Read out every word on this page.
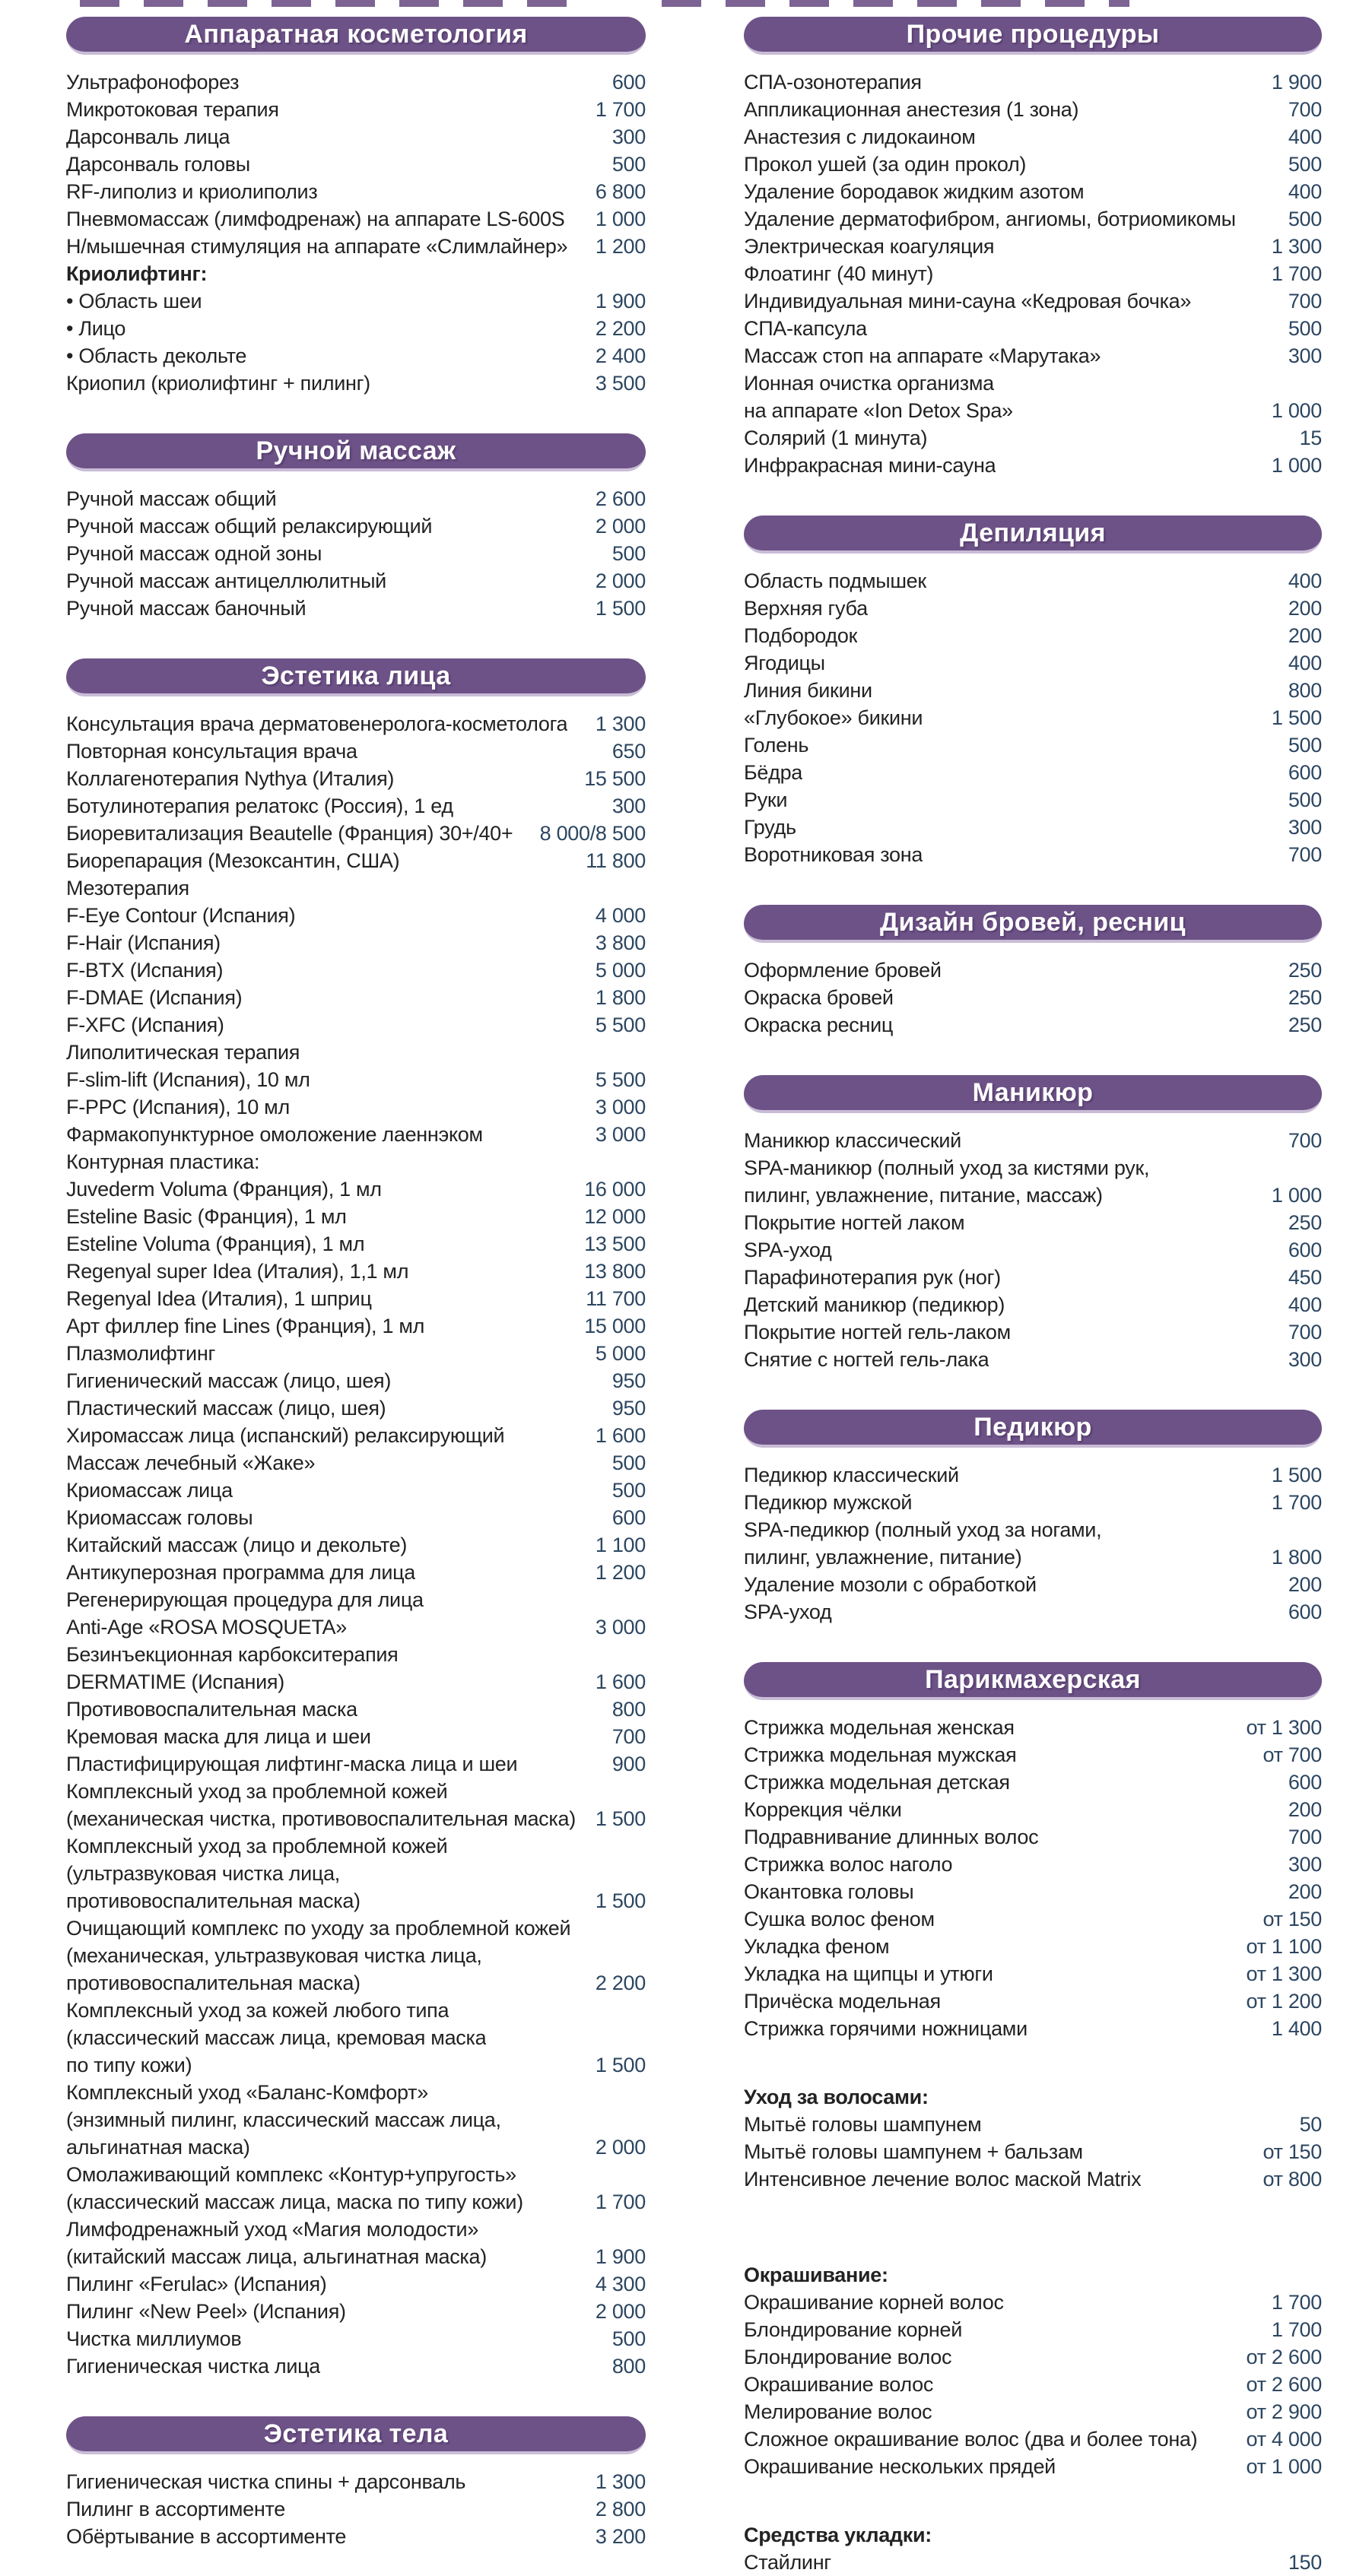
Аппаратная косметология
Ультрафонофорез	600
Микротоковая терапия	1 700
Дарсонваль лица	300
Дарсонваль головы	500
RF-липолиз и криолиполиз	6 800
Пневмомассаж (лимфодренаж) на аппарате LS-600S 1 000
Н/мышечная стимуляция на аппарате «Слимлайнер» 1 200
Криолифтинг:
• Область шеи	1 900
• Лицо	2 200
• Область декольте	2 400
Криопил (криолифтинг + пилинг)	3 500
Ручной массаж
Ручной массаж общий	2 600
Ручной массаж общий релаксирующий	2 000
Ручной массаж одной зоны	500
Ручной массаж антицеллюлитный	2 000
Ручной массаж баночный	1 500
Эстетика лица
Консультация врача дерматовенеролога-косметолога 1 300
Повторная консультация врача	650
Коллагенотерапия Nythya (Италия)	15 500
Ботулинотерапия релатокс (Россия), 1 ед	300
Биоревитализация Beautelle (Франция) 30+/40+ 8 000/8 500
Биорепарация (Мезоксантин, США)	11 800
Мезотерапия
F-Eye Contour (Испания)	4 000
F-Hair (Испания)	3 800
F-BTX (Испания)	5 000
F-DMAE (Испания)	1 800
F-XFC (Испания)	5 500
Липолитическая терапия
F-slim-lift (Испания), 10 мл	5 500
F-PPC (Испания), 10 мл	3 000
Фармакопунктурное омоложение лаеннэком	3 000
Контурная пластика:
Juvederm Voluma (Франция), 1 мл	16 000
Esteline Basic (Франция), 1 мл	12 000
Esteline Voluma (Франция), 1 мл	13 500
Regenyal super Idea (Италия), 1,1 мл	13 800
Regenyal Idea (Италия), 1 шприц	11 700
Арт филлер fine Lines (Франция), 1 мл	15 000
Плазмолифтинг	5 000
Гигиенический массаж (лицо, шея)	950
Пластический массаж (лицо, шея)	950
Хиромассаж лица (испанский) релаксирующий	1 600
Массаж лечебный «Жаке»	500
Криомассаж лица	500
Криомассаж головы	600
Китайский массаж (лицо и декольте)	1 100
Антикуперозная программа для лица	1 200
Регенерирующая процедура для лица
Anti-Age «ROSA MOSQUETA»	3 000
Безинъекционная карбокситерапия
DERMATIME (Испания)	1 600
Противовоспалительная маска	800
Кремовая маска для лица и шеи	700
Пластифицирующая лифтинг-маска лица и шеи	900
Комплексный уход за проблемной кожей
(механическая чистка, противовоспалительная маска) 1 500
Комплексный уход за проблемной кожей
(ультразвуковая чистка лица,
противовоспалительная маска)	1 500
Очищающий комплекс по уходу за проблемной кожей
(механическая, ультразвуковая чистка лица,
противовоспалительная маска)	2 200
Комплексный уход за кожей любого типа
(классический массаж лица, кремовая маска
по типу кожи)	1 500
Комплексный уход «Баланс-Комфорт»
(энзимный пилинг, классический массаж лица,
альгинатная маска)	2 000
Омолаживающий комплекс «Контур+упругость»
(классический массаж лица, маска по типу кожи)	1 700
Лимфодренажный уход «Магия молодости»
(китайский массаж лица, альгинатная маска)	1 900
Пилинг «Ferulac» (Испания)	4 300
Пилинг «New Peel» (Испания)	2 000
Чистка миллиумов	500
Гигиеническая чистка лица	800
Эстетика тела
Гигиеническая чистка спины + дарсонваль	1 300
Пилинг в ассортименте	2 800
Обёртывание в ассортименте	3 200
Прочие процедуры
СПА-озонотерапия	1 900
Аппликационная анестезия (1 зона)	700
Анастезия с лидокаином	400
Прокол ушей (за один прокол)	500
Удаление бородавок жидким азотом	400
Удаление дерматофибром, ангиомы, ботриомикомы	500
Электрическая коагуляция	1 300
Флоатинг (40 минут)	1 700
Индивидуальная мини-сауна «Кедровая бочка»	700
СПА-капсула	500
Массаж стоп на аппарате «Марутака»	300
Ионная очистка организма
на аппарате «Ion Detox Spa»	1 000
Солярий (1 минута)	15
Инфракрасная мини-сауна	1 000
Депиляция
Область подмышек	400
Верхняя губа	200
Подбородок	200
Ягодицы	400
Линия бикини	800
«Глубокое» бикини	1 500
Голень	500
Бёдра	600
Руки	500
Грудь	300
Воротниковая зона	700
Дизайн бровей, ресниц
Оформление бровей	250
Окраска бровей	250
Окраска ресниц	250
Маникюр
Маникюр классический	700
SPA-маникюр (полный уход за кистями рук,
пилинг, увлажнение, питание, массаж)	1 000
Покрытие ногтей лаком	250
SPA-уход	600
Парафинотерапия рук (ног)	450
Детский маникюр (педикюр)	400
Покрытие ногтей гель-лаком	700
Снятие с ногтей гель-лака	300
Педикюр
Педикюр классический	1 500
Педикюр мужской	1 700
SPA-педикюр (полный уход за ногами,
пилинг, увлажнение, питание)	1 800
Удаление мозоли с обработкой	200
SPA-уход	600
Парикмахерская
Стрижка модельная женская	от 1 300
Стрижка модельная мужская	от 700
Стрижка модельная детская	600
Коррекция чёлки	200
Подравнивание длинных волос	700
Стрижка волос наголо	300
Окантовка головы	200
Сушка волос феном	от 150
Укладка феном	от 1 100
Укладка на щипцы и утюги	от 1 300
Причёска модельная	от 1 200
Стрижка горячими ножницами	1 400
Уход за волосами:
Мытьё головы шампунем	50
Мытьё головы шампунем + бальзам	от 150
Интенсивное лечение волос маской Matrix	от 800
Окрашивание:
Окрашивание корней волос	1 700
Блондирование корней	1 700
Блондирование волос	от 2 600
Окрашивание волос	от 2 600
Мелирование волос	от 2 900
Сложное окрашивание волос (два и более тона) от 4 000
Окрашивание нескольких прядей	от 1 000
Средства укладки:
Стайлинг	150
